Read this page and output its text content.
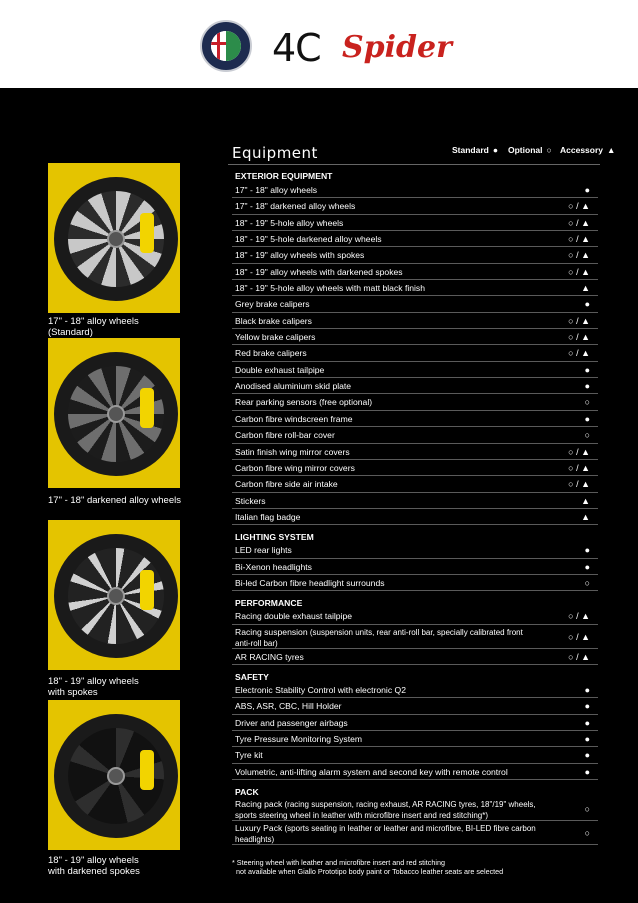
4C Spider
17" - 18" alloy wheels
(Standard)
17" - 18" darkened alloy wheels
18" - 19" alloy wheels
with spokes
18" - 19" alloy wheels
with darkened spokes
Equipment	Standard ● Optional ○ Accessory ▲
EXTERIOR EQUIPMENT
17" - 18" alloy wheels	●
17" - 18" darkened alloy wheels	○ / ▲
18" - 19" 5-hole alloy wheels	○ / ▲
18" - 19" 5-hole darkened alloy wheels	○ / ▲
18" - 19" alloy wheels with spokes	○ / ▲
18" - 19" alloy wheels with darkened spokes	○ / ▲
18" - 19" 5-hole alloy wheels with matt black finish	▲
Grey brake calipers	●
Black brake calipers	○ / ▲
Yellow brake calipers	○ / ▲
Red brake calipers	○ / ▲
Double exhaust tailpipe	●
Anodised aluminium skid plate	●
Rear parking sensors (free optional)	○
Carbon fibre windscreen frame	●
Carbon fibre roll-bar cover	○
Satin finish wing mirror covers	○ / ▲
Carbon fibre wing mirror covers	○ / ▲
Carbon fibre side air intake	○ / ▲
Stickers	▲
Italian flag badge	▲
LIGHTING SYSTEM
LED rear lights	●
Bi-Xenon headlights	●
Bi-led Carbon fibre headlight surrounds	○
PERFORMANCE
Racing double exhaust tailpipe	○ / ▲
Racing suspension (suspension units, rear anti-roll bar, specially calibrated front anti-roll bar)
○ / ▲
AR RACING tyres	○ / ▲
SAFETY
Electronic Stability Control with electronic Q2	●
ABS, ASR, CBC, Hill Holder	●
Driver and passenger airbags	●
Tyre Pressure Monitoring System	●
Tyre kit	●
Volumetric, anti-lifting alarm system and second key with remote control	●
PACK
Racing pack (racing suspension, racing exhaust, AR RACING tyres, 18"/19" wheels, sports steering wheel in leather with microfibre insert and red stitching*)
○
Luxury Pack (sports seating in leather or leather and microfibre, BI-LED fibre carbon headlights)
○
* Steering wheel with leather and microfibre insert and red stitching
not available when Giallo Prototipo body paint or Tobacco leather seats are selected
